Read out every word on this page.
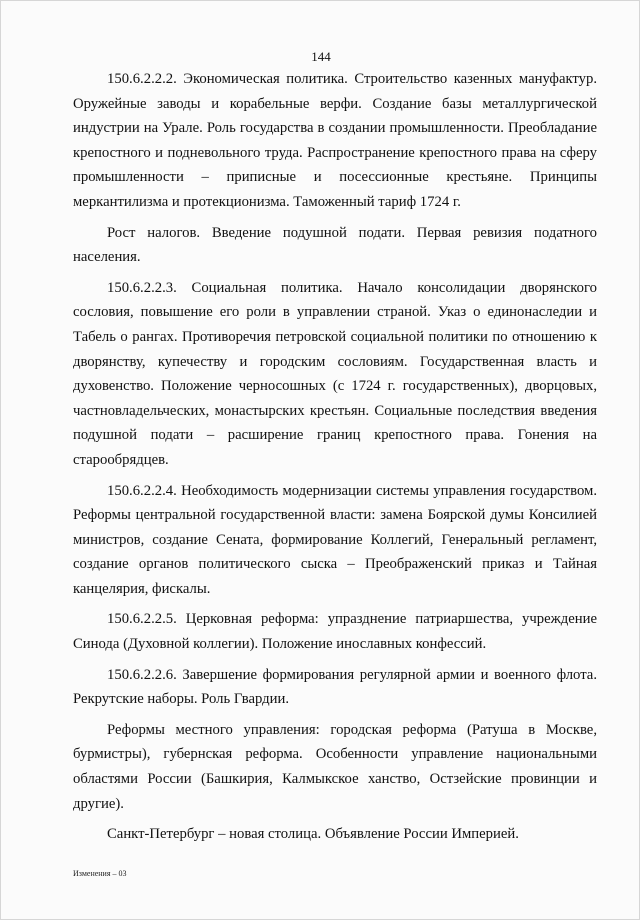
144

150.6.2.2.2. Экономическая политика. Строительство казенных мануфактур. Оружейные заводы и корабельные верфи. Создание базы металлургической индустрии на Урале. Роль государства в создании промышленности. Преобладание крепостного и подневольного труда. Распространение крепостного права на сферу промышленности – приписные и посессионные крестьяне. Принципы меркантилизма и протекционизма. Таможенный тариф 1724 г.

Рост налогов. Введение подушной подати. Первая ревизия податного населения.

150.6.2.2.3. Социальная политика. Начало консолидации дворянского сословия, повышение его роли в управлении страной. Указ о единонаследии и Табель о рангах. Противоречия петровской социальной политики по отношению к дворянству, купечеству и городским сословиям. Государственная власть и духовенство. Положение черносошных (с 1724 г. государственных), дворцовых, частновладельческих, монастырских крестьян. Социальные последствия введения подушной подати – расширение границ крепостного права. Гонения на старообрядцев.

150.6.2.2.4. Необходимость модернизации системы управления государством. Реформы центральной государственной власти: замена Боярской думы Консилией министров, создание Сената, формирование Коллегий, Генеральный регламент, создание органов политического сыска – Преображенский приказ и Тайная канцелярия, фискалы.

150.6.2.2.5. Церковная реформа: упразднение патриаршества, учреждение Синода (Духовной коллегии). Положение инославных конфессий.

150.6.2.2.6. Завершение формирования регулярной армии и военного флота. Рекрутские наборы. Роль Гвардии.

Реформы местного управления: городская реформа (Ратуша в Москве, бурмистры), губернская реформа. Особенности управление национальными областями России (Башкирия, Калмыкское ханство, Остзейские провинции и другие).

Санкт-Петербург – новая столица. Объявление России Империей.

Изменения – 03
